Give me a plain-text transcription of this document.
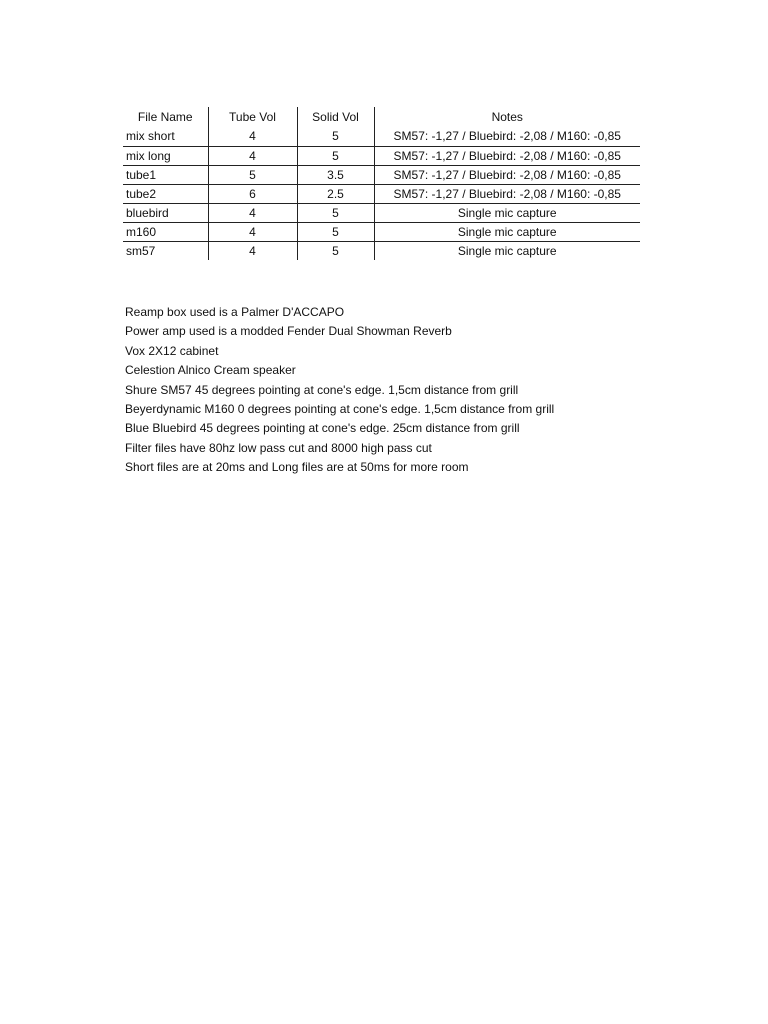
File Name	Tube Vol	Solid Vol	Notes
mix short	4	5	SM57: -1,27 / Bluebird: -2,08 / M160: -0,85
mix long	4	5	SM57: -1,27 / Bluebird: -2,08 / M160: -0,85
tube1	5	3.5	SM57: -1,27 / Bluebird: -2,08 / M160: -0,85
tube2	6	2.5	SM57: -1,27 / Bluebird: -2,08 / M160: -0,85
bluebird	4	5	Single mic capture
m160	4	5	Single mic capture
sm57	4	5	Single mic capture
Reamp box used is a Palmer D'ACCAPO
Power amp used is a modded Fender Dual Showman Reverb
Vox 2X12 cabinet
Celestion Alnico Cream speaker
Shure SM57 45 degrees pointing at cone's edge. 1,5cm distance from grill
Beyerdynamic M160 0 degrees pointing at cone's edge. 1,5cm distance from grill
Blue Bluebird 45 degrees pointing at cone's edge. 25cm distance from grill
Filter files have 80hz low pass cut and 8000 high pass cut
Short files are at 20ms and Long files are at 50ms for more room
